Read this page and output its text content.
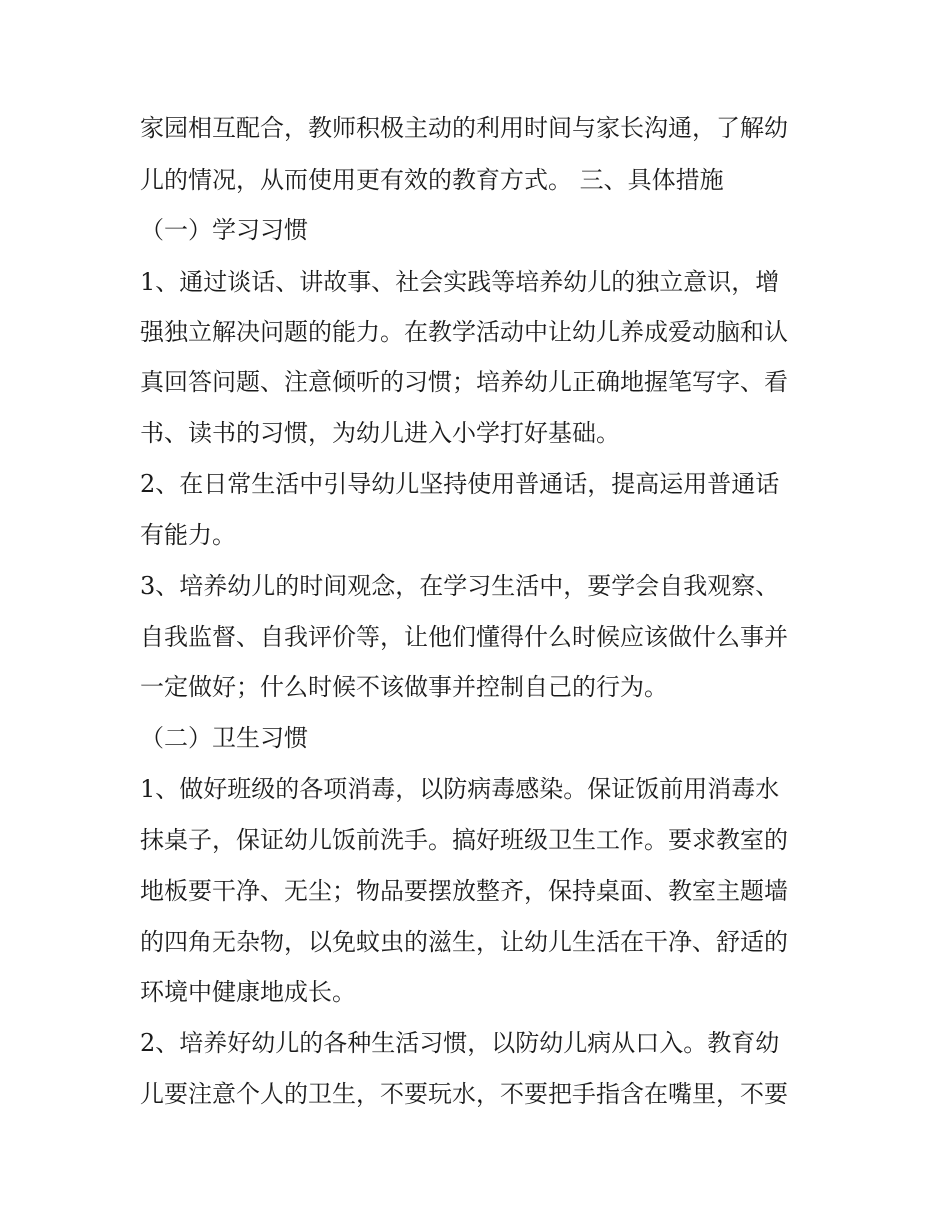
家园相互配合，教师积极主动的利用时间与家长沟通，了解幼
儿的情况，从而使用更有效的教育方式。 三、具体措施
（一）学习习惯
1、通过谈话、讲故事、社会实践等培养幼儿的独立意识，增
强独立解决问题的能力。在教学活动中让幼儿养成爱动脑和认
真回答问题、注意倾听的习惯；培养幼儿正确地握笔写字、看
书、读书的习惯，为幼儿进入小学打好基础。
2、在日常生活中引导幼儿坚持使用普通话，提高运用普通话
有能力。
3、培养幼儿的时间观念，在学习生活中，要学会自我观察、
自我监督、自我评价等，让他们懂得什么时候应该做什么事并
一定做好；什么时候不该做事并控制自己的行为。
（二）卫生习惯
1、做好班级的各项消毒，以防病毒感染。保证饭前用消毒水
抹桌子，保证幼儿饭前洗手。搞好班级卫生工作。要求教室的
地板要干净、无尘；物品要摆放整齐，保持桌面、教室主题墙
的四角无杂物，以免蚊虫的滋生，让幼儿生活在干净、舒适的
环境中健康地成长。
2、培养好幼儿的各种生活习惯，以防幼儿病从口入。教育幼
儿要注意个人的卫生，不要玩水，不要把手指含在嘴里，不要
